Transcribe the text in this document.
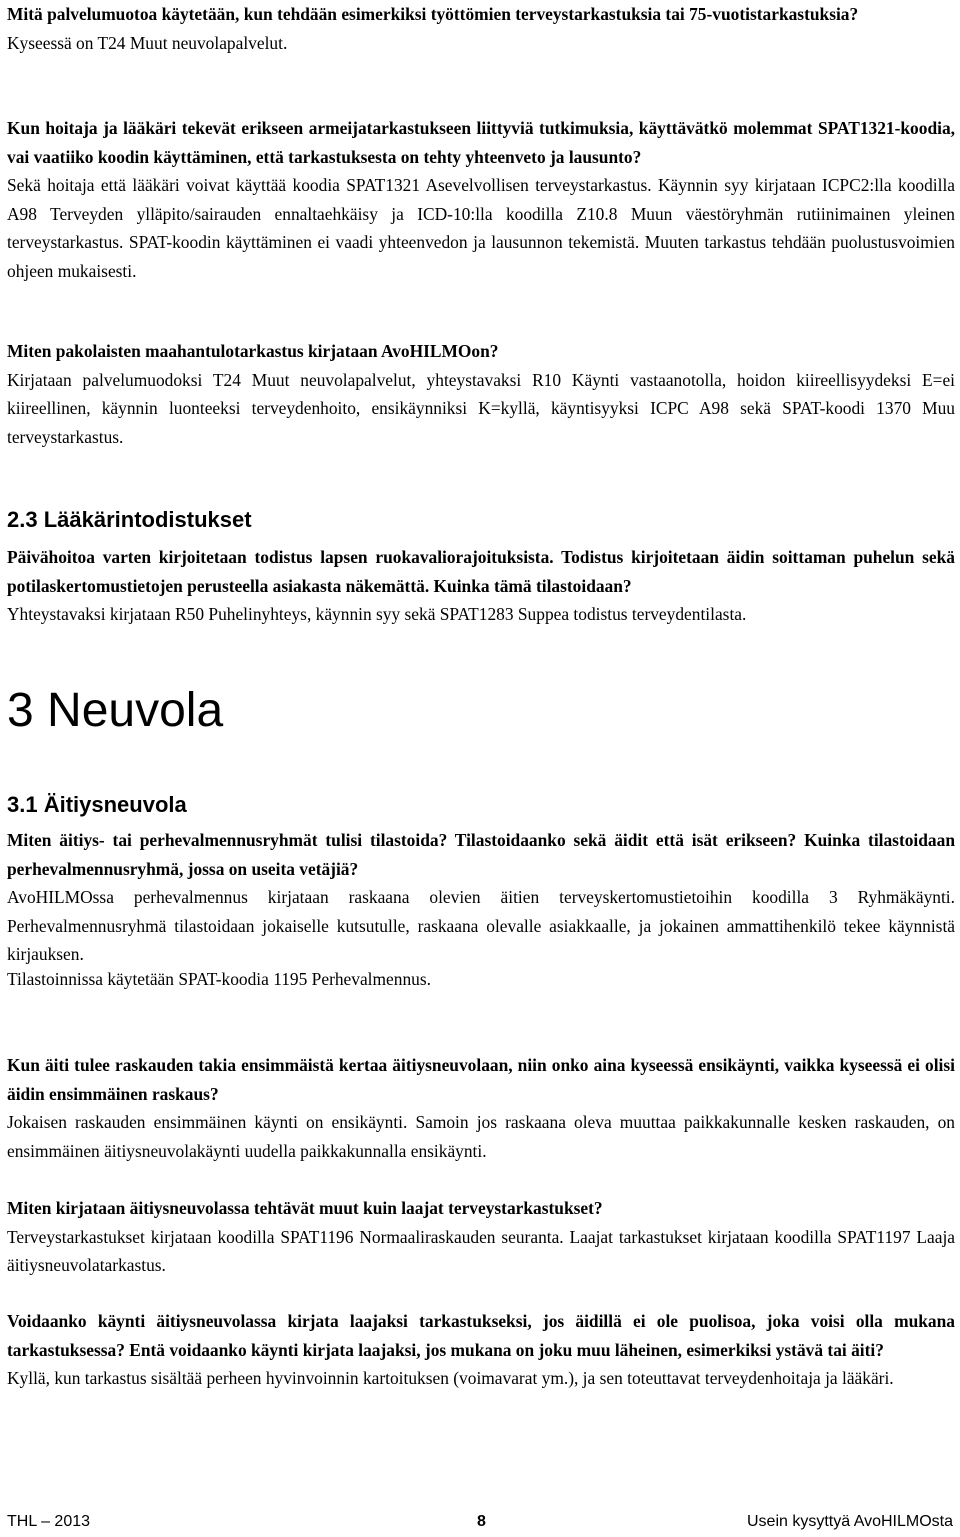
Mitä palvelumuotoa käytetään, kun tehdään esimerkiksi työttömien terveystarkastuksia tai 75-vuotistarkastuksia?

Kyseessä on T24 Muut neuvolapalvelut.

Kun hoitaja ja lääkäri tekevät erikseen armeijatarkastukseen liittyviä tutkimuksia, käyttävätkö molemmat SPAT1321-koodia, vai vaatiiko koodin käyttäminen, että tarkastuksesta on tehty yhteenveto ja lausunto?

Sekä hoitaja että lääkäri voivat käyttää koodia SPAT1321 Asevelvollisen terveystarkastus. Käynnin syy kirjataan ICPC2:lla koodilla A98 Terveyden ylläpito/sairauden ennaltaehkäisy ja ICD-10:lla koodilla Z10.8 Muun väestöryhmän rutiinimainen yleinen terveystarkastus. SPAT-koodin käyttäminen ei vaadi yhteenvedon ja lausunnon tekemistä. Muuten tarkastus tehdään puolustusvoimien ohjeen mukaisesti.

Miten pakolaisten maahantulotarkastus kirjataan AvoHILMOon?

Kirjataan palvelumuodoksi T24 Muut neuvolapalvelut, yhteystavaksi R10 Käynti vastaanotolla, hoidon kiireellisyydeksi E=ei kiireellinen, käynnin luonteeksi terveydenhoito, ensikäynniksi K=kyllä, käyntisyyksi ICPC A98 sekä SPAT-koodi 1370 Muu terveystarkastus.

2.3 Lääkärintodistukset

Päivähoitoa varten kirjoitetaan todistus lapsen ruokavaliorajoituksista. Todistus kirjoitetaan äidin soittaman puhelun sekä potilaskertomustietojen perusteella asiakasta näkemättä. Kuinka tämä tilastoidaan?

Yhteystavaksi kirjataan R50 Puhelinyhteys, käynnin syy sekä SPAT1283 Suppea todistus terveydentilasta.

3 Neuvola
3.1 Äitiysneuvola

Miten äitiys- tai perhevalmennusryhmät tulisi tilastoida? Tilastoidaanko sekä äidit että isät erikseen? Kuinka tilastoidaan perhevalmennusryhmä, jossa on useita vetäjiä?

AvoHILMOssa perhevalmennus kirjataan raskaana olevien äitien terveyskertomustietoihin koodilla 3 Ryhmäkäynti. Perhevalmennusryhmä tilastoidaan jokaiselle kutsutulle, raskaana olevalle asiakkaalle, ja jokainen ammattihenkilö tekee käynnistä kirjauksen.

Tilastoinnissa käytetään SPAT-koodia 1195 Perhevalmennus.

Kun äiti tulee raskauden takia ensimmäistä kertaa äitiysneuvolaan, niin onko aina kyseessä ensikäynti, vaikka kyseessä ei olisi äidin ensimmäinen raskaus?

Jokaisen raskauden ensimmäinen käynti on ensikäynti. Samoin jos raskaana oleva muuttaa paikkakunnalle kesken raskauden, on ensimmäinen äitiysneuvolakäynti uudella paikkakunnalla ensikäynti.

Miten kirjataan äitiysneuvolassa tehtävät muut kuin laajat terveystarkastukset?

Terveystarkastukset kirjataan koodilla SPAT1196 Normaaliraskauden seuranta. Laajat tarkastukset kirjataan koodilla SPAT1197 Laaja äitiysneuvolatarkastus.

Voidaanko käynti äitiysneuvolassa kirjata laajaksi tarkastukseksi, jos äidillä ei ole puolisoa, joka voisi olla mukana tarkastuksessa? Entä voidaanko käynti kirjata laajaksi, jos mukana on joku muu läheinen, esimerkiksi ystävä tai äiti?

Kyllä, kun tarkastus sisältää perheen hyvinvoinnin kartoituksen (voimavarat ym.), ja sen toteuttavat terveydenhoitaja ja lääkäri.

THL – 2013	8	Usein kysyttyä AvoHILMOsta
